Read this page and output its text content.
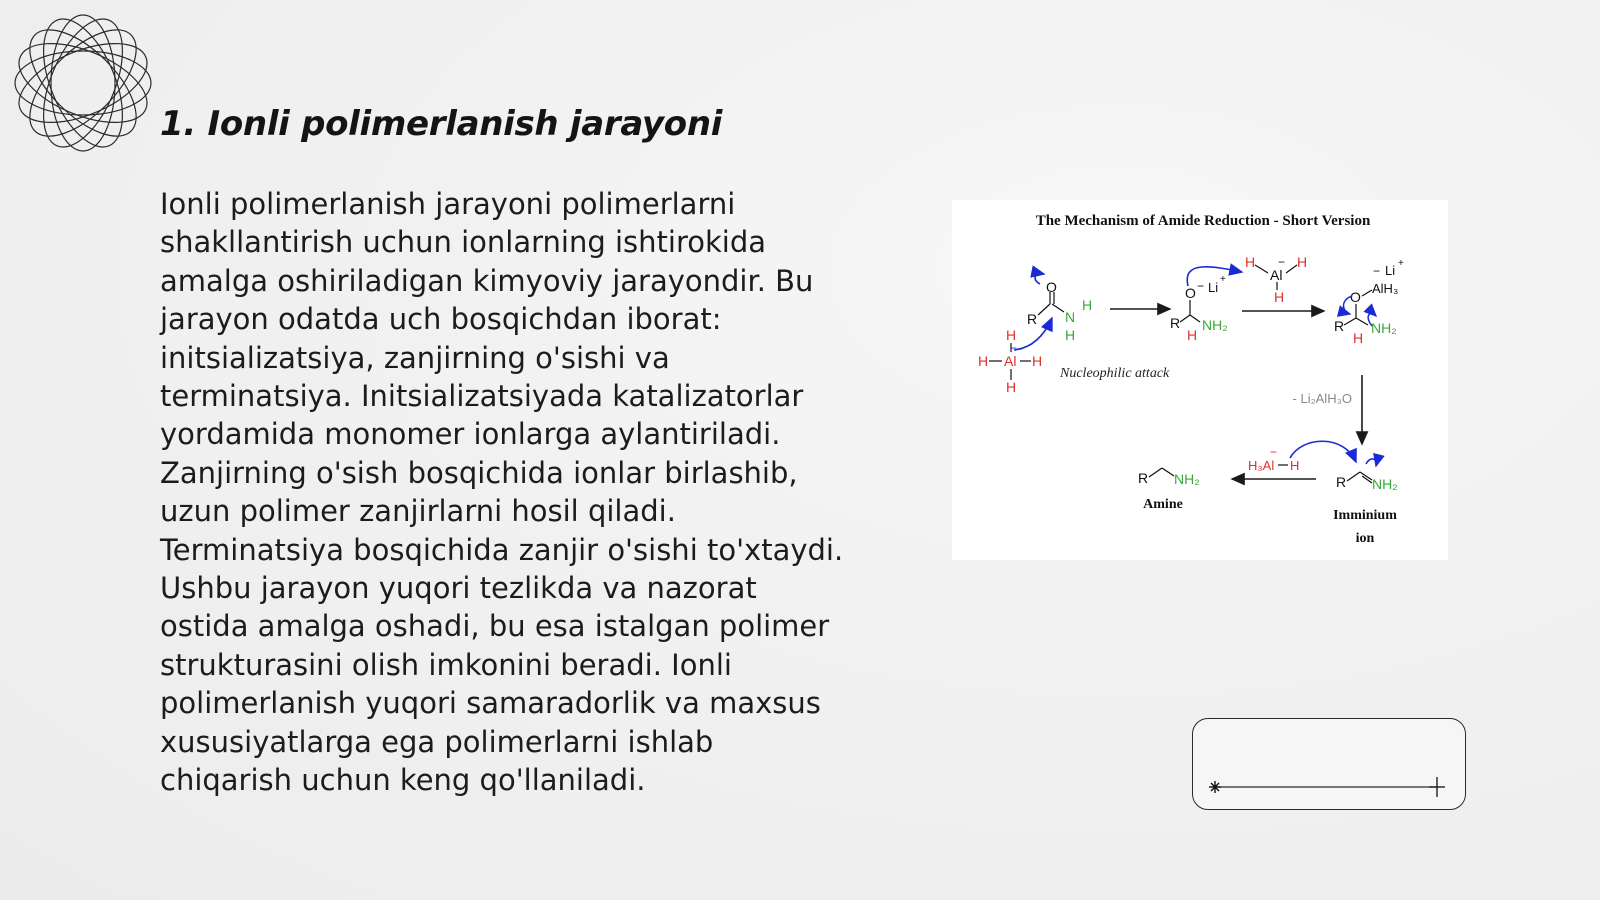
1. Ionli polimerlanish jarayoni

Ionli polimerlanish jarayoni polimerlarni shakllantirish uchun ionlarning ishtirokida amalga oshiriladigan kimyoviy jarayondir. Bu jarayon odatda uch bosqichdan iborat: initsializatsiya, zanjirning o'sishi va terminatsiya. Initsializatsiyada katalizatorlar yordamida monomer ionlarga aylantiriladi. Zanjirning o'sish bosqichida ionlar birlashib, uzun polimer zanjirlarni hosil qiladi. Terminatsiya bosqichida zanjir o'sishi to'xtaydi. Ushbu jarayon yuqori tezlikda va nazorat ostida amalga oshadi, bu esa istalgan polimer strukturasini olish imkonini beradi. Ionli polimerlanish yuqori samaradorlik va maxsus xususiyatlarga ega polimerlarni ishlab chiqarish uchun keng qo'llaniladi.

The Mechanism of Amide Reduction - Short Version
R
O
N
H
H
H
Al
−
H	H
H
Nucleophilic attack
O − Li
+
R NH₂
H
H	H
Al
−
H
Li
−
+
AlH₃
O
R NH₂
H
- Li₂AlH₃O
R NH₂
Imminium
ion
H₃Al
−
H
R NH₂
Amine
